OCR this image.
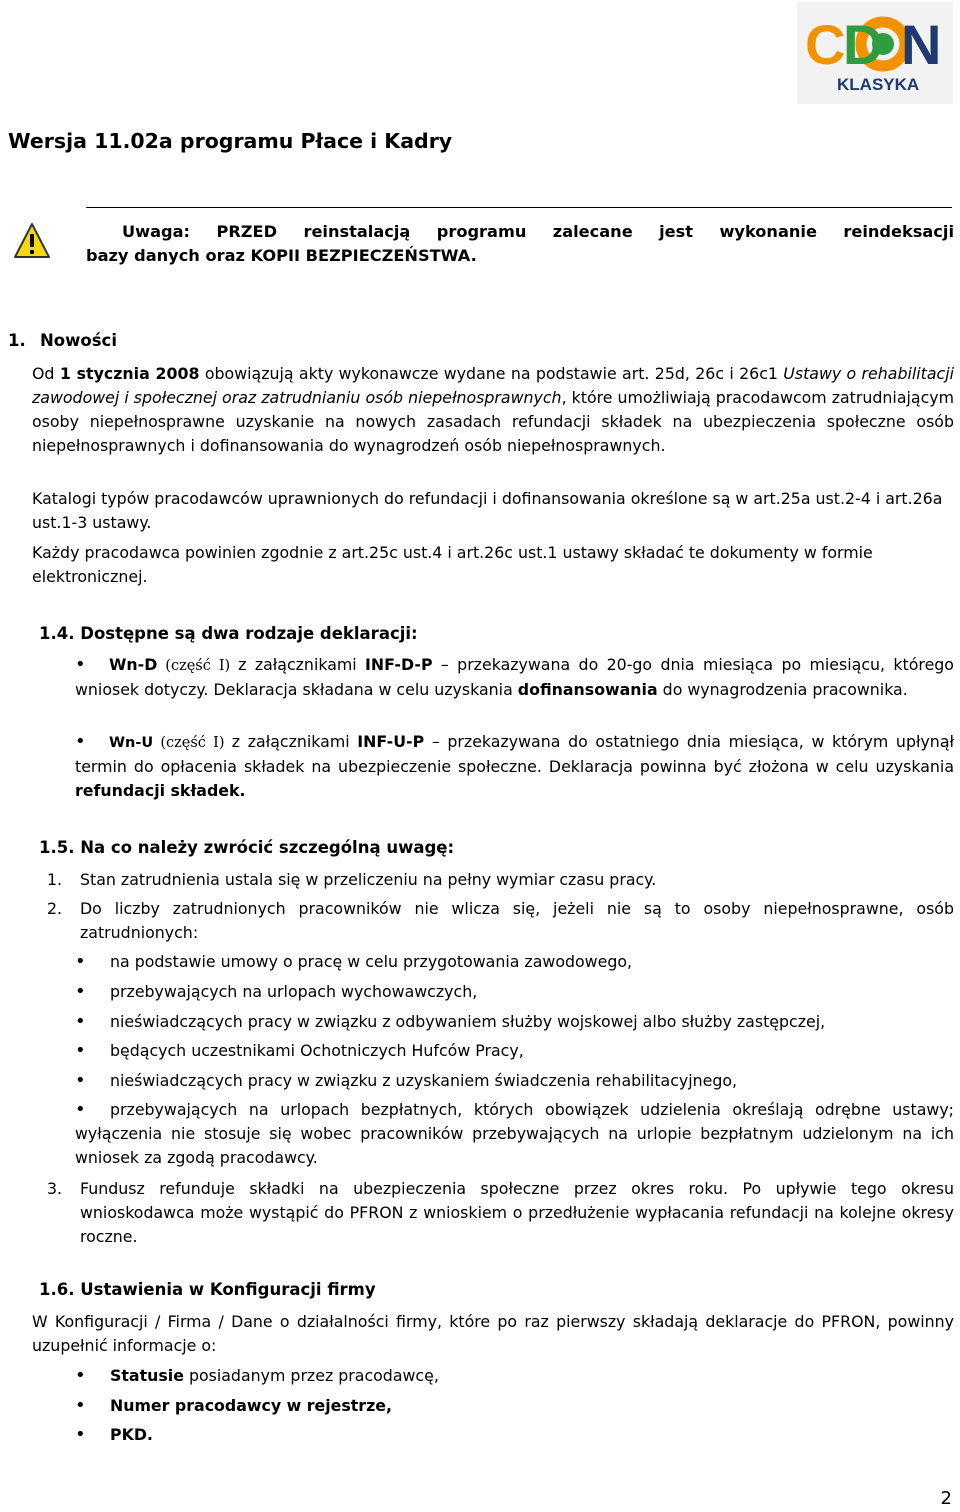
C
D N
KLASYKA
Wersja 11.02a programu Płace i Kadry
Uwaga: PRZED reinstalacją programu zalecane jest wykonanie reindeksacji
bazy danych oraz KOPII BEZPIECZEŃSTWA.
1. Nowości

Od 1 stycznia 2008 obowiązują akty wykonawcze wydane na podstawie art. 25d, 26c i 26c1 Ustawy o rehabilitacji zawodowej i społecznej oraz zatrudnianiu osób niepełnosprawnych, które umożliwiają pracodawcom zatrudniającym osoby niepełnosprawne uzyskanie na nowych zasadach refundacji składek na ubezpieczenia społeczne osób niepełnosprawnych i dofinansowania do wynagrodzeń osób niepełnosprawnych.

Katalogi typów pracodawców uprawnionych do refundacji i dofinansowania określone są w art.25a ust.2-4 i art.26a ust.1-3 ustawy.
Każdy pracodawca powinien zgodnie z art.25c ust.4 i art.26c ust.1 ustawy składać te dokumenty w formie elektronicznej.
1.4. Dostępne są dwa rodzaje deklaracji:
•	Wn-D (część I) z załącznikami INF-D-P – przekazywana do 20-go dnia miesiąca po miesiącu, którego wniosek dotyczy. Deklaracja składana w celu uzyskania dofinansowania do wynagrodzenia pracownika.
•	Wn-U (część I) z załącznikami INF-U-P – przekazywana do ostatniego dnia miesiąca, w którym upłynął termin do opłacenia składek na ubezpieczenie społeczne. Deklaracja powinna być złożona w celu uzyskania refundacji składek.
1.5. Na co należy zwrócić szczególną uwagę:
1. Stan zatrudnienia ustala się w przeliczeniu na pełny wymiar czasu pracy.
2. Do liczby zatrudnionych pracowników nie wlicza się, jeżeli nie są to osoby niepełnosprawne, osób zatrudnionych:
• na podstawie umowy o pracę w celu przygotowania zawodowego,
• przebywających na urlopach wychowawczych,
• nieświadczących pracy w związku z odbywaniem służby wojskowej albo służby zastępczej,
• będących uczestnikami Ochotniczych Hufców Pracy,
• nieświadczących pracy w związku z uzyskaniem świadczenia rehabilitacyjnego,
•	przebywających na urlopach bezpłatnych, których obowiązek udzielenia określają odrębne ustawy; wyłączenia nie stosuje się wobec pracowników przebywających na urlopie bezpłatnym udzielonym na ich wniosek za zgodą pracodawcy.
3. Fundusz refunduje składki na ubezpieczenia społeczne przez okres roku. Po upływie tego okresu wnioskodawca może wystąpić do PFRON z wnioskiem o przedłużenie wypłacania refundacji na kolejne okresy roczne.
1.6. Ustawienia w Konfiguracji firmy
W Konfiguracji / Firma / Dane o działalności firmy, które po raz pierwszy składają deklaracje do PFRON, powinny uzupełnić informacje o:
• Statusie posiadanym przez pracodawcę,
• Numer pracodawcy w rejestrze,
• PKD.
2
